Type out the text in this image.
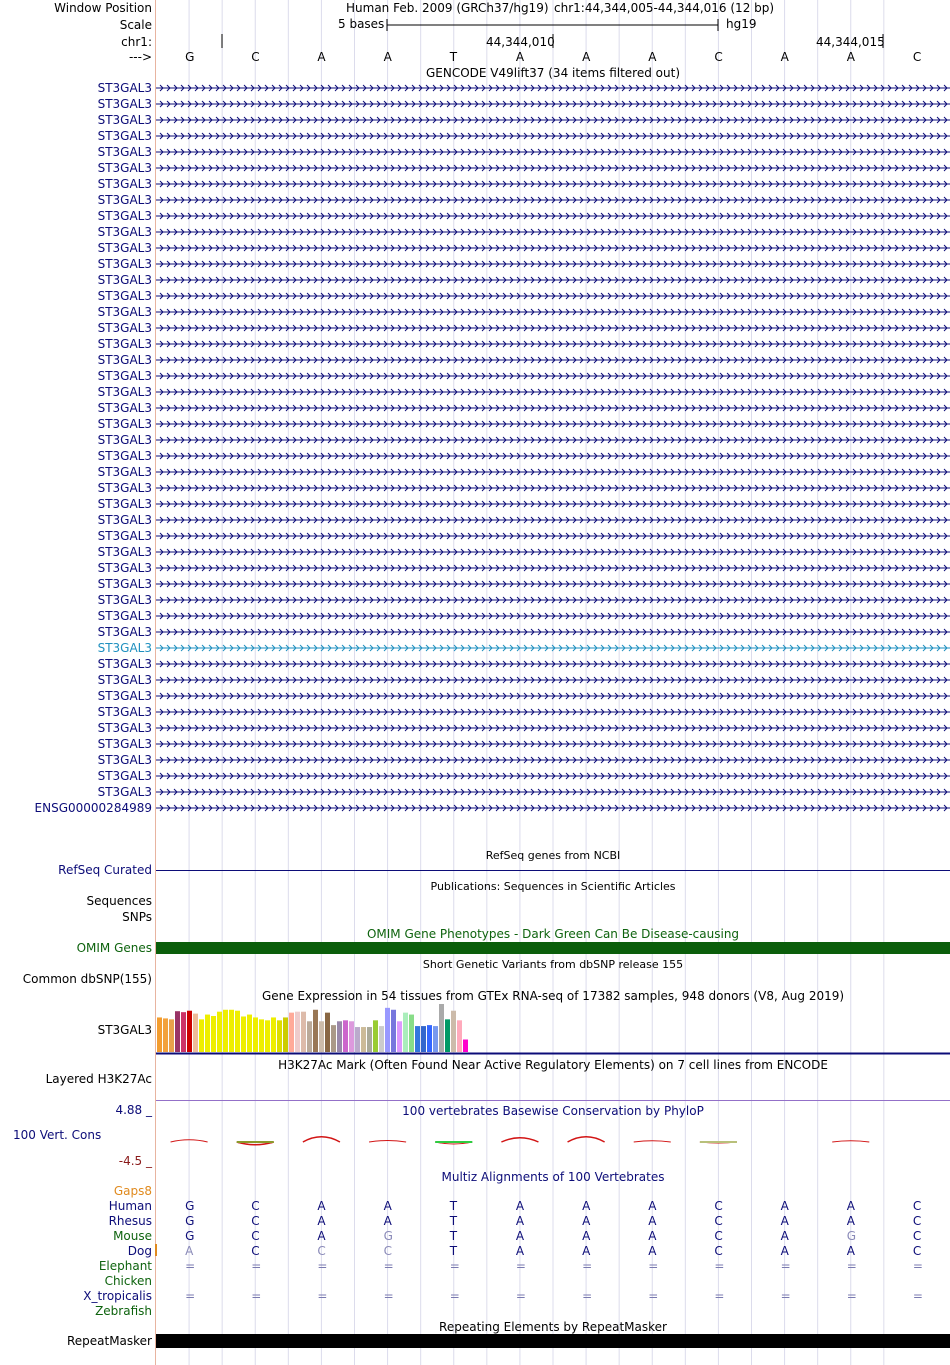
Window Position
Scale
chr1:
--->
Human Feb. 2009 (GRCh37/hg19) chr1:44,344,005-44,344,016 (12 bp)
5 bases	hg19
44,344,010	44,344,015
GENCODE V49lift37 (34 items filtered out)
RefSeq genes from NCBI
RefSeq Curated
Publications: Sequences in Scientific Articles
Sequences
SNPs
OMIM Gene Phenotypes - Dark Green Can Be Disease-causing
OMIM Genes
Short Genetic Variants from dbSNP release 155
Common dbSNP(155)
Gene Expression in 54 tissues from GTEx RNA-seq of 17382 samples, 948 donors (V8, Aug 2019)
ST3GAL3
H3K27Ac Mark (Often Found Near Active Regulatory Elements) on 7 cell lines from ENCODE
Layered H3K27Ac
100 vertebrates Basewise Conservation by PhyloP
4.88 _
100 Vert. Cons
-4.5 _
Multiz Alignments of 100 Vertebrates
Gaps8
Repeating Elements by RepeatMasker
RepeatMasker
G	C	A	A	T	A	A	A	C	A	A	C
ST3GAL3
ST3GAL3
ST3GAL3
ST3GAL3
ST3GAL3
ST3GAL3
ST3GAL3
ST3GAL3
ST3GAL3
ST3GAL3
ST3GAL3
ST3GAL3
ST3GAL3
ST3GAL3
ST3GAL3
ST3GAL3
ST3GAL3
ST3GAL3
ST3GAL3
ST3GAL3
ST3GAL3
ST3GAL3
ST3GAL3
ST3GAL3
ST3GAL3
ST3GAL3
ST3GAL3
ST3GAL3
ST3GAL3
ST3GAL3
ST3GAL3
ST3GAL3
ST3GAL3
ST3GAL3
ST3GAL3
ST3GAL3
ST3GAL3
ST3GAL3
ST3GAL3
ST3GAL3
ST3GAL3
ST3GAL3
ST3GAL3
ST3GAL3
ST3GAL3
ENSG00000284989
Human	G	C	A	A	T	A	A	A	C	A	A	C
Rhesus	G	C	A	A	T	A	A	A	C	A	A	C
Mouse	G	C	A	G	T	A	A	A	C	A	G	C
Dog	A	C	C	C	T	A	A	A	C	A	A	C
Elephant	=	=	=	=	=	=	=	=	=	=	=	=
Chicken
X_tropicalis	=	=	=	=	=	=	=	=	=	=	=	=
Zebrafish
